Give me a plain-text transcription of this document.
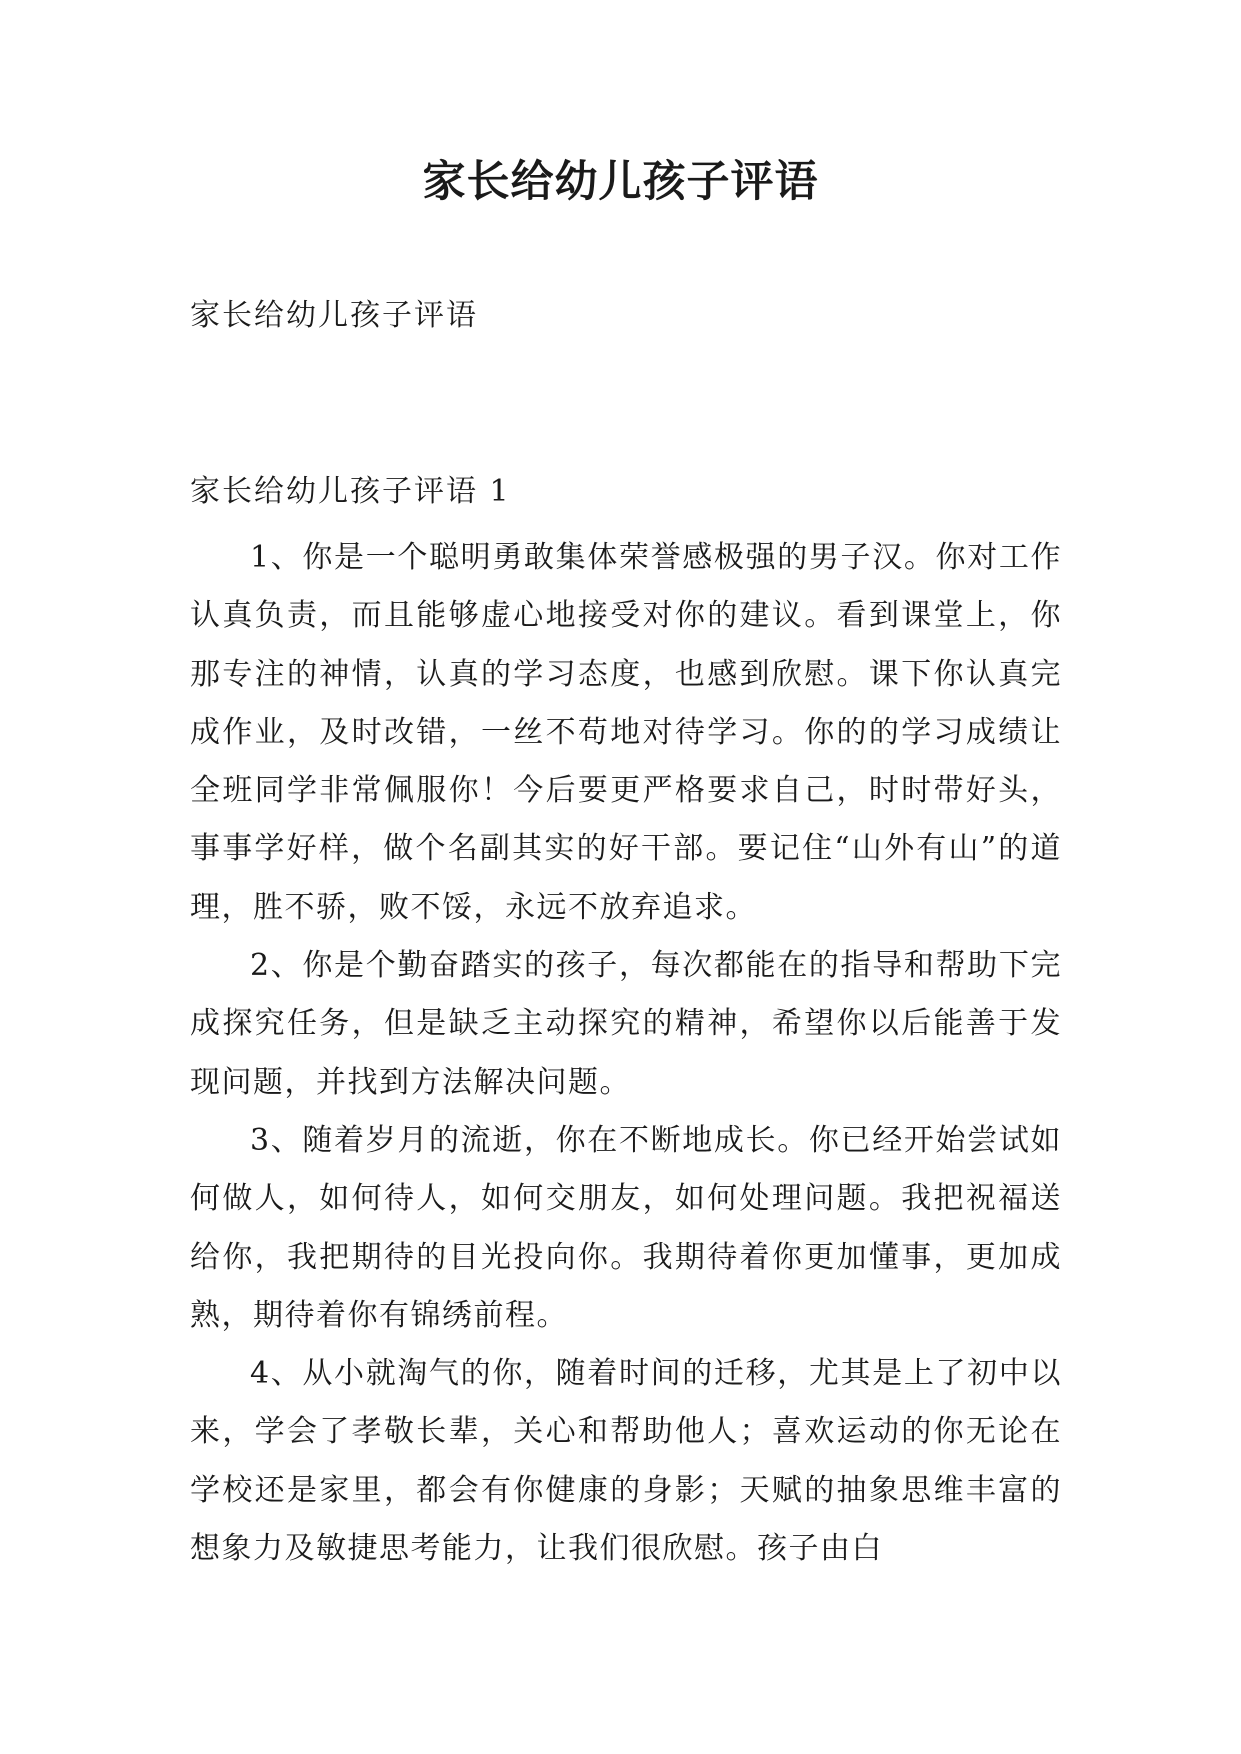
家长给幼儿孩子评语

家长给幼儿孩子评语

家长给幼儿孩子评语 1

1、你是一个聪明勇敢集体荣誉感极强的男子汉。你对工作认真负责，而且能够虚心地接受对你的建议。看到课堂上，你那专注的神情，认真的学习态度，也感到欣慰。课下你认真完成作业，及时改错，一丝不苟地对待学习。你的的学习成绩让全班同学非常佩服你！今后要更严格要求自己，时时带好头，事事学好样，做个名副其实的好干部。要记住“山外有山”的道理，胜不骄，败不馁，永远不放弃追求。

2、你是个勤奋踏实的孩子，每次都能在的指导和帮助下完成探究任务，但是缺乏主动探究的精神，希望你以后能善于发现问题，并找到方法解决问题。

3、随着岁月的流逝，你在不断地成长。你已经开始尝试如何做人，如何待人，如何交朋友，如何处理问题。我把祝福送给你，我把期待的目光投向你。我期待着你更加懂事，更加成熟，期待着你有锦绣前程。

4、从小就淘气的你，随着时间的迁移，尤其是上了初中以来，学会了孝敬长辈，关心和帮助他人；喜欢运动的你无论在学校还是家里，都会有你健康的身影；天赋的抽象思维丰富的想象力及敏捷思考能力，让我们很欣慰。孩子由白
